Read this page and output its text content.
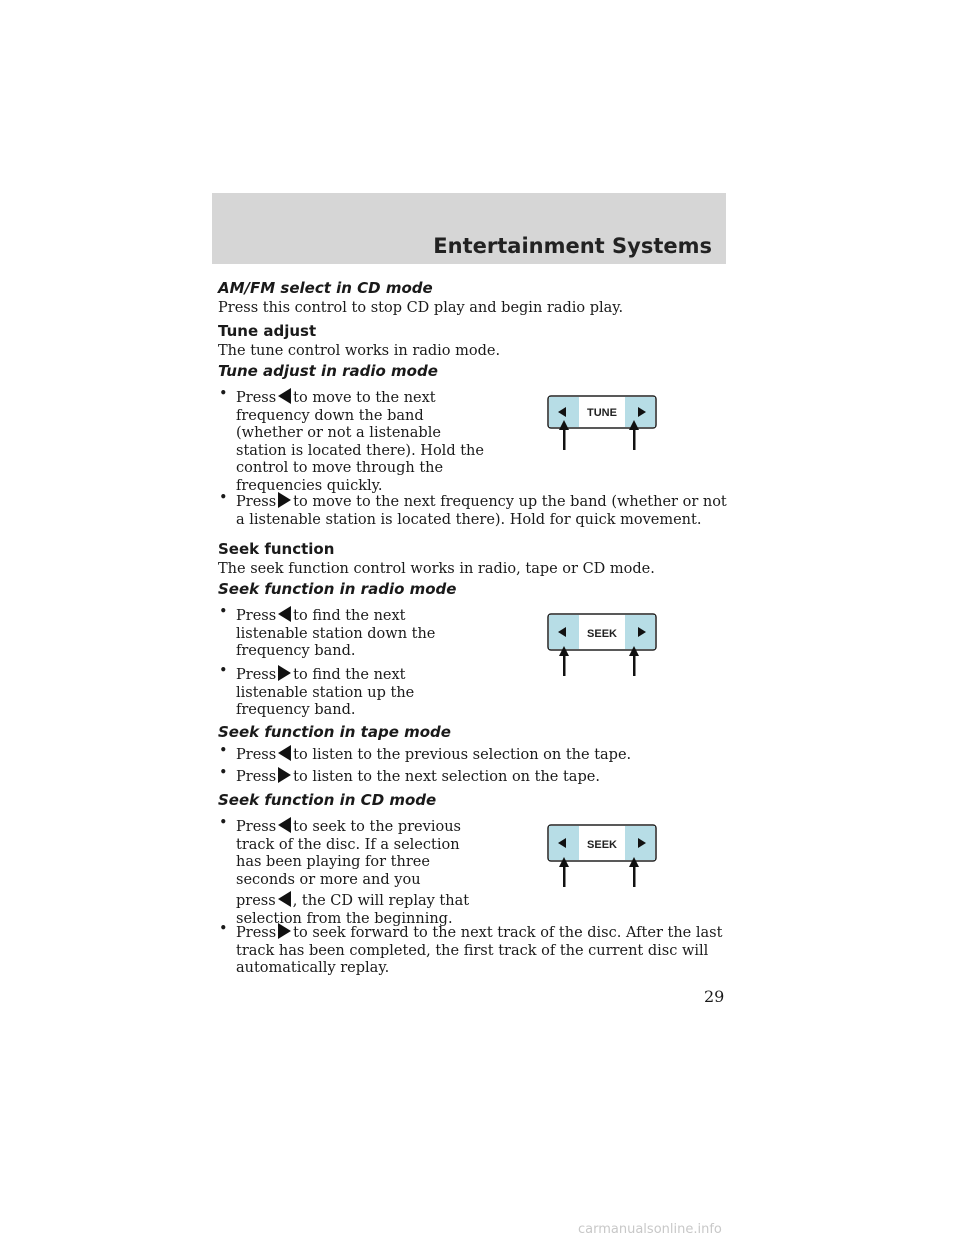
Entertainment Systems

AM/FM select in CD mode

Press this control to stop CD play and begin radio play.

Tune adjust

The tune control works in radio mode.

Tune adjust in radio mode

• Press to move to the next
frequency down the band
(whether or not a listenable
station is located there). Hold the
control to move through the
frequencies quickly.
• Press to move to the next frequency up the band (whether or not
a listenable station is located there). Hold for quick movement.

Seek function

The seek function control works in radio, tape or CD mode.

Seek function in radio mode

• Press to find the next
listenable station down the
frequency band.
• Press to find the next
listenable station up the
frequency band.

Seek function in tape mode

• Press to listen to the previous selection on the tape.
• Press to listen to the next selection on the tape.

Seek function in CD mode

• Press to seek to the previous
track of the disc. If a selection
has been playing for three
seconds or more and you
press , the CD will replay that
selection from the beginning.
• Press to seek forward to the next track of the disc. After the last
track has been completed, the first track of the current disc will
automatically replay.
TUNE
SEEK
SEEK
29
carmanualsonline.info
